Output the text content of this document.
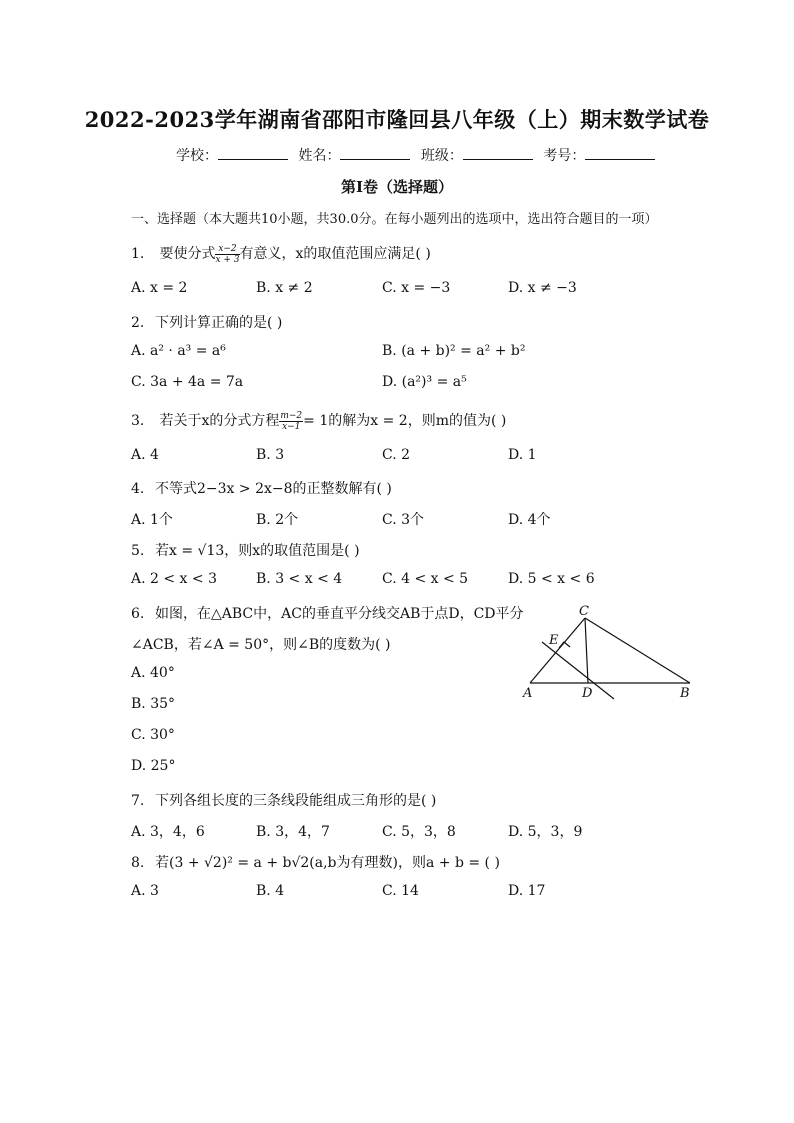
2022-2023学年湖南省邵阳市隆回县八年级（上）期末数学试卷
学校：	姓名：	班级：	考号：
第I卷（选择题）
一、选择题（本大题共10小题，共30.0分。在每小题列出的选项中，选出符合题目的一项）
1. 要使分式 $\frac{x-2}{x + 3}$ 有意义，x的取值范围应满足( )
A. x = 2	B. x ≠ 2	C. x = −3	D. x ≠ −3
2. 下列计算正确的是( )
A. a² · a³ = a⁶	B. (a + b)² = a² + b²
C. 3a + 4a = 7a	D. (a²)³ = a⁵
3. 若关于x的分式方程 $\frac{m-2}{x-1} = 1$的解为x = 2，则m的值为( )
A. 4	B. 3	C. 2	D. 1
4. 不等式2−3x > 2x−8的正整数解有( )
A. 1个	B. 2个	C. 3个	D. 4个
5. 若x = √13，则x的取值范围是( )
A. 2 < x < 3	B. 3 < x < 4	C. 4 < x < 5	D. 5 < x < 6
6. 如图，在△ABC中，AC的垂直平分线交AB于点D，CD平分
∠ACB，若∠A = 50°，则∠B的度数为( )
A. 40°
B. 35°
C. 30°
D. 25°
C
E
A	D	B
7. 下列各组长度的三条线段能组成三角形的是( )
A. 3，4，6	B. 3，4，7	C. 5，3，8	D. 5，3，9
8. 若(3 + √2)² = a + b√2(a,b为有理数)，则a + b = ( )
A. 3	B. 4	C. 14	D. 17
